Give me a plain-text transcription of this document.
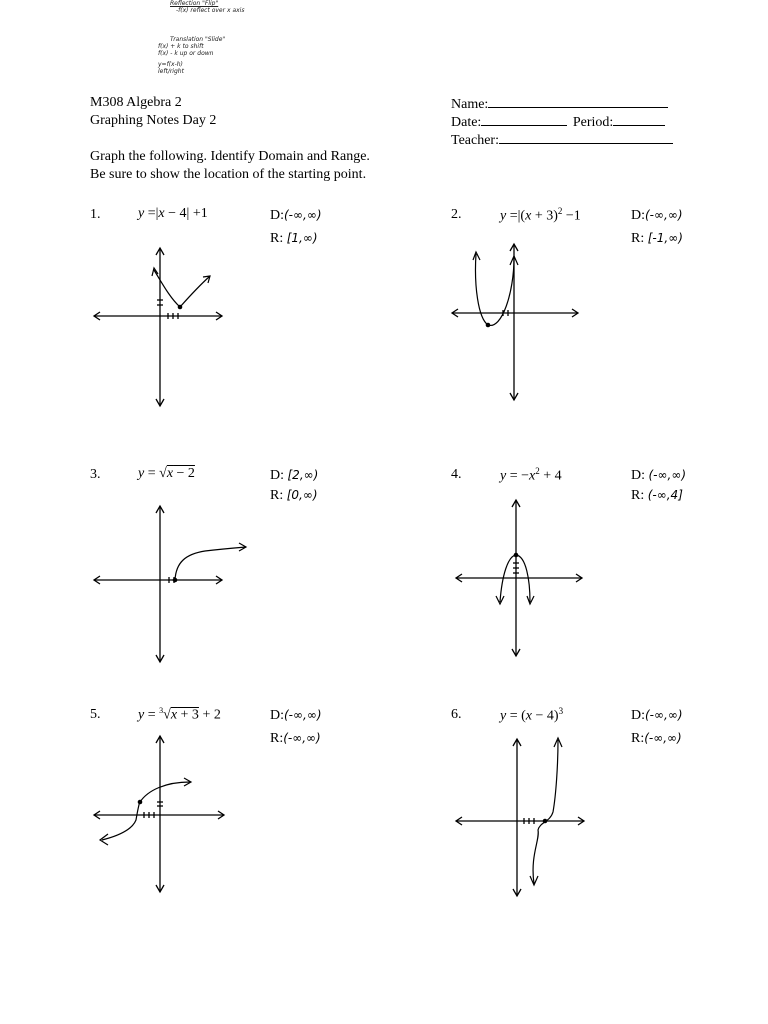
Reflection "Flip"
-f(x) reflect over x axis
Translation "Slide"
f(x) + k to shift
f(x) - k up or down
y=f(x-h)
left/right
M308 Algebra 2
Graphing Notes Day 2
Name:
Date:	Period:
Teacher:
Graph the following. Identify Domain and Range.
Be sure to show the location of the starting point.
1.	y =|x − 4| +1	D:(-∞,∞)
R: [1,∞)
2.	$y =|(x + 3)^2 -1$	D:(-∞,∞)
R: [-1,∞)
3.	y = √x − 2	D: [2,∞)
R: [0,∞)
4.	$y = -x^2 + 4$	D: (-∞,∞)
R: (-∞,4]
5.	y = $^3$√x + 3 + 2	D:(-∞,∞)
R:(-∞,∞)
6.	$y = (x - 4)^3$	D:(-∞,∞)
R:(-∞,∞)
